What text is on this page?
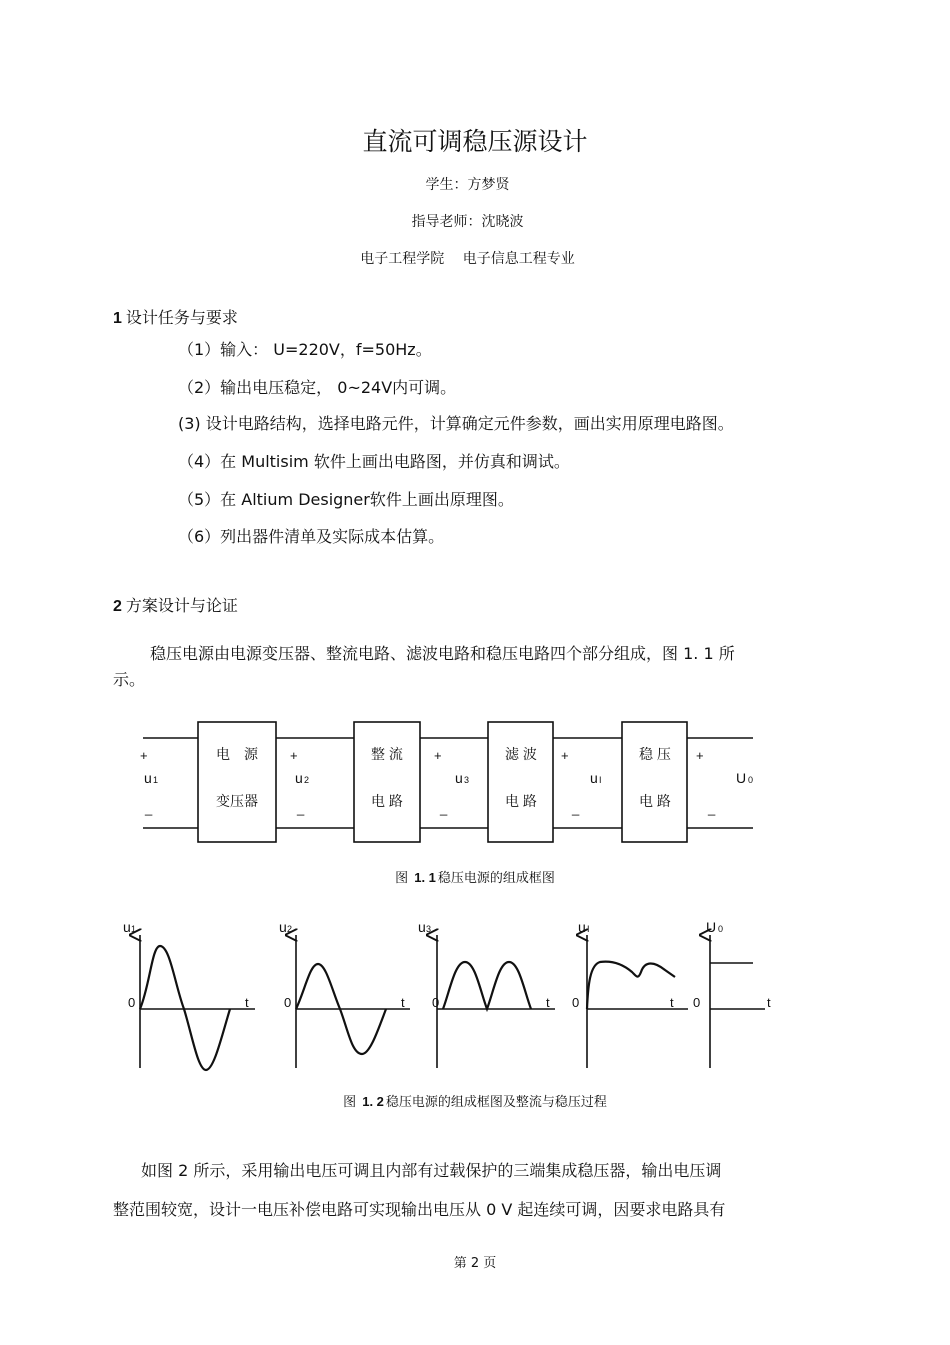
直流可调稳压源设计
学生：方梦贤
指导老师：沈晓波
电子工程学院　 电子信息工程专业
1 设计任务与要求
（1）输入： U=220V，f=50Hz。
（2）输出电压稳定， 0~24V内可调。
(3) 设计电路结构，选择电路元件，计算确定元件参数，画出实用原理电路图。
（4）在 Multisim 软件上画出电路图，并仿真和调试。
（5）在 Altium Designer软件上画出原理图。
（6）列出器件清单及实际成本估算。
2 方案设计与论证
稳压电源由电源变压器、整流电路、滤波电路和稳压电路四个部分组成，图 1. 1 所
示。
电　源
变压器
整 流
电 路
滤 波
电 路
稳 压
电 路
+
u 1
_
+
u 2
_
+
u 3
_
+
u I
_
+
U 0
_
图 1. 1 稳压电源的组成框图
u 1
0	t
u 2
0	t
u 3
0	t
u I
0	t
U 0
0	t
图 1. 2 稳压电源的组成框图及整流与稳压过程
如图 2 所示，采用输出电压可调且内部有过载保护的三端集成稳压器，输出电压调
整范围较宽，设计一电压补偿电路可实现输出电压从 0 V 起连续可调，因要求电路具有
第 2 页
